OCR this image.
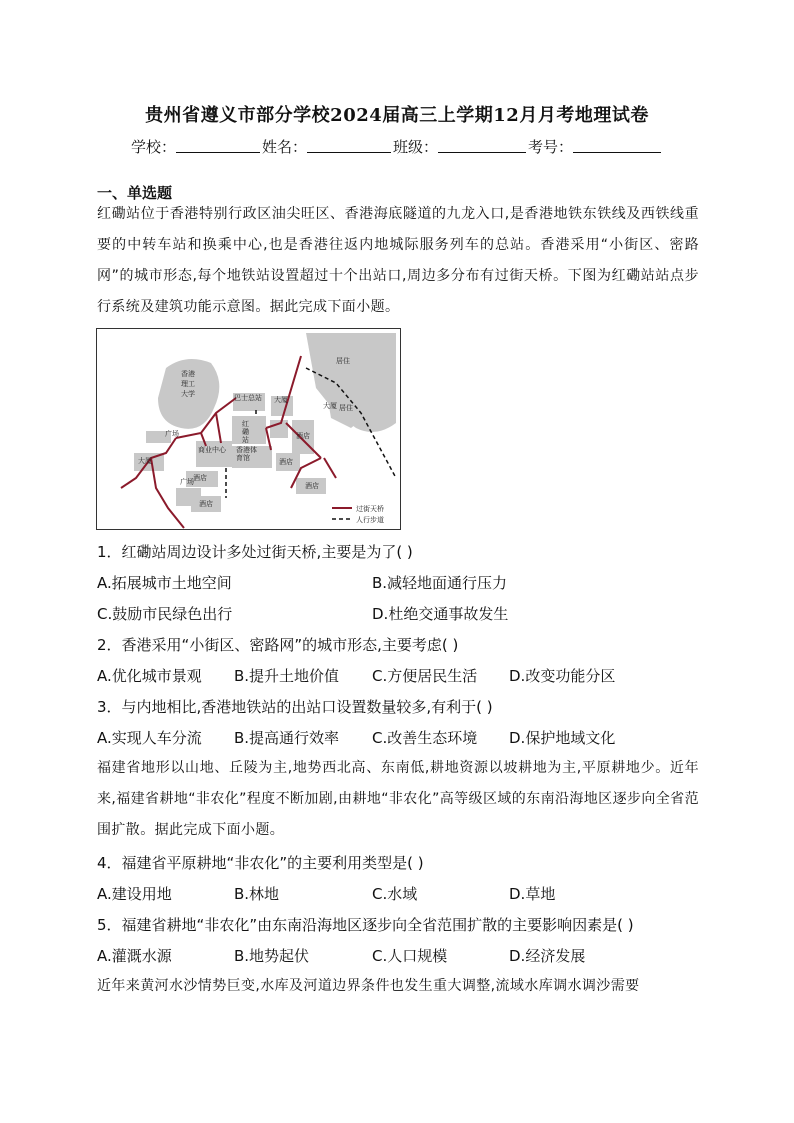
贵州省遵义市部分学校2024届高三上学期12月月考地理试卷
学校：	姓名：	班级：	考号：
一、单选题
红磡站位于香港特别行政区油尖旺区、香港海底隧道的九龙入口,是香港地铁东铁线及西铁线重要的中转车站和换乘中心,也是香港往返内地城际服务列车的总站。香港采用“小街区、密路网”的城市形态,每个地铁站设置超过十个出站口,周边多分布有过街天桥。下图为红磡站站点步行系统及建筑功能示意图。据此完成下面小题。
香港
理工
大学
居住
居住
巴士总站 大厦
大厦
红
磡
站
广场
商业中心 香港体
育馆
大厦
酒店
酒店
酒店
广场
酒店
酒店
过街天桥
人行步道
1．红磡站周边设计多处过街天桥,主要是为了( )
A.拓展城市土地空间	B.减轻地面通行压力
C.鼓励市民绿色出行	D.杜绝交通事故发生
2．香港采用“小街区、密路网”的城市形态,主要考虑( )
A.优化城市景观 B.提升土地价值 C.方便居民生活 D.改变功能分区
3．与内地相比,香港地铁站的出站口设置数量较多,有利于( )
A.实现人车分流 B.提高通行效率 C.改善生态环境 D.保护地域文化
福建省地形以山地、丘陵为主,地势西北高、东南低,耕地资源以坡耕地为主,平原耕地少。近年来,福建省耕地“非农化”程度不断加剧,由耕地“非农化”高等级区域的东南沿海地区逐步向全省范围扩散。据此完成下面小题。
4．福建省平原耕地“非农化”的主要利用类型是( )
A.建设用地	B.林地	C.水域	D.草地
5．福建省耕地“非农化”由东南沿海地区逐步向全省范围扩散的主要影响因素是( )
A.灌溉水源	B.地势起伏	C.人口规模	D.经济发展
近年来黄河水沙情势巨变,水库及河道边界条件也发生重大调整,流域水库调水调沙需要
